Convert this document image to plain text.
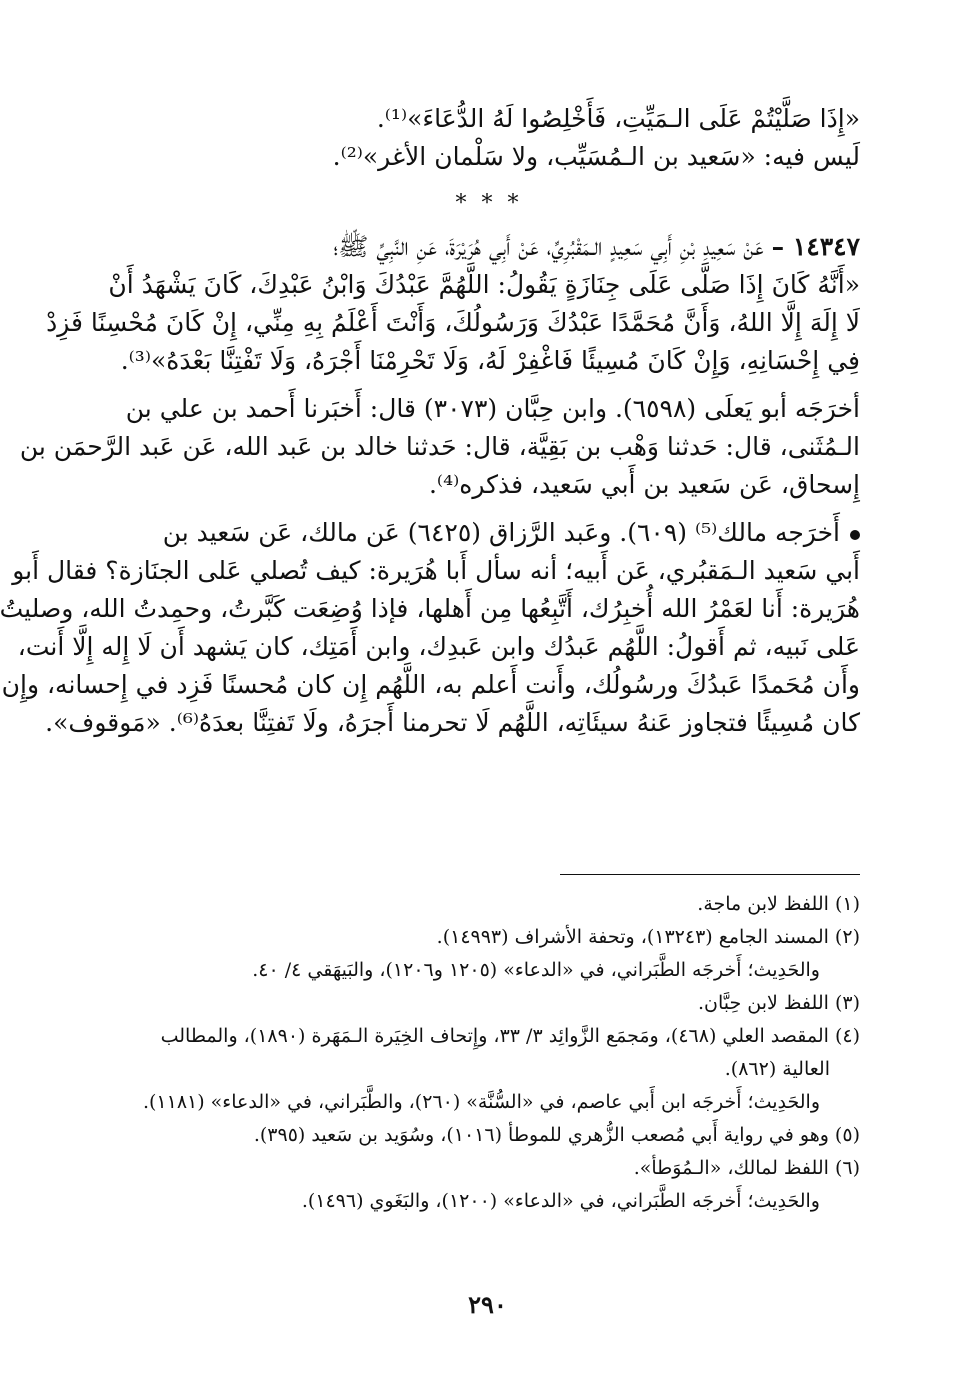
«إِذَا صَلَّيْتُمْ عَلَى الـمَيِّتِ، فَأَخْلِصُوا لَهُ الدُّعَاءَ»⁽¹⁾.
لَيس فيه: «سَعيد بن الـمُسَيِّب، ولا سَلْمان الأغر»⁽²⁾.
* * *
١٤٣٤٧ – عَنْ سَعِيدِ بْنِ أَبِي سَعِيدٍ الـمَقْبُرِيِّ، عَنْ أَبِي هُرَيْرَةَ، عَنِ النَّبِيِّ ﷺ؛
«أَنَّهُ كَانَ إِذَا صَلَّى عَلَى جِنَازَةٍ يَقُولُ: اللَّهُمَّ عَبْدُكَ وَابْنُ عَبْدِكَ، كَانَ يَشْهَدُ أَنْ
لَا إِلَهَ إِلَّا اللهُ، وَأَنَّ مُحَمَّدًا عَبْدُكَ وَرَسُولُكَ، وَأَنْتَ أَعْلَمُ بِهِ مِنِّي، إِنْ كَانَ مُحْسِنًا فَزِدْ
فِي إِحْسَانِهِ، وَإِنْ كَانَ مُسِيئًا فَاغْفِرْ لَهُ، وَلَا تَحْرِمْنَا أَجْرَهُ، وَلَا تَفْتِنَّا بَعْدَهُ»⁽³⁾.
أخرَجَه أبو يَعلَى (٦٥٩٨). وابن حِبَّان (٣٠٧٣) قال: أَخبَرنا أَحمد بن علي بن
الـمُثَنى، قال: حَدثنا وَهْب بن بَقِيَّة، قال: حَدثنا خالد بن عَبد الله، عَن عَبد الرَّحمَن بن
إِسحاق، عَن سَعيد بن أَبي سَعيد، فذكره⁽⁴⁾.
أَخرَجه مالك⁽⁵⁾ (٦٠٩). وعَبد الرَّزاق (٦٤٢٥) عَن مالك، عَن سَعيد بن
أَبي سَعيد الـمَقبُري، عَن أَبيه؛ أنه سأل أَبا هُرَيرة: كيف تُصلي عَلى الجنَازة؟ فقال أَبو
هُرَيرة: أَنا لعَمْرُ الله أُخبِرُك، أَتَّبِعُها مِن أَهلها، فإذا وُضِعَت كَبَّرتُ، وحمِدتُ الله، وصليتُ
عَلى نَبيه، ثم أَقولُ: اللَّهُم عَبدُك وابن عَبدِك، وابن أَمَتِك، كان يَشهد أَن لَا إِله إِلَّا أَنت،
وأَن مُحَمدًا عَبدُكَ ورسُولُك، وأَنت أَعلم به، اللَّهُم إِن كان مُحسنًا فَزِد في إِحسانه، وإِن
كان مُسِيئًا فتجاوز عَنهُ سيئَاتِه، اللَّهُم لَا تحرمنا أَجرَهُ، ولَا تَفتِنَّا بعدَهُ⁽⁶⁾. «مَوقوف».
(١) اللفظ لابن ماجة.
(٢) المسند الجامع (١٣٢٤٣)، وتحفة الأشراف (١٤٩٩٣).
والحَدِيث؛ أَخرجَه الطَّبَراني، في «الدعاء» (١٢٠٥ و١٢٠٦)، والبَيهَقي ٤/ ٤٠.
(٣) اللفظ لابن حِبَّان.
(٤) المقصد العلي (٤٦٨)، ومَجمَع الزَّوائِد ٣/ ٣٣، وإِتحاف الخِيَرة الـمَهَرة (١٨٩٠)، والمطالب
العالية (٨٦٢).
والحَدِيث؛ أَخرجَه ابن أَبي عاصم، في «السُّنَّة» (٢٦٠)، والطَّبَراني، في «الدعاء» (١١٨١).
(٥) وهو في رواية أَبي مُصعب الزُّهري للموطأ (١٠١٦)، وسُوَيد بن سَعيد (٣٩٥).
(٦) اللفظ لمالك، «الـمُوَطأ».
والحَدِيث؛ أَخرجَه الطَّبَراني، في «الدعاء» (١٢٠٠)، والبَغَوي (١٤٩٦).
٢٩٠
